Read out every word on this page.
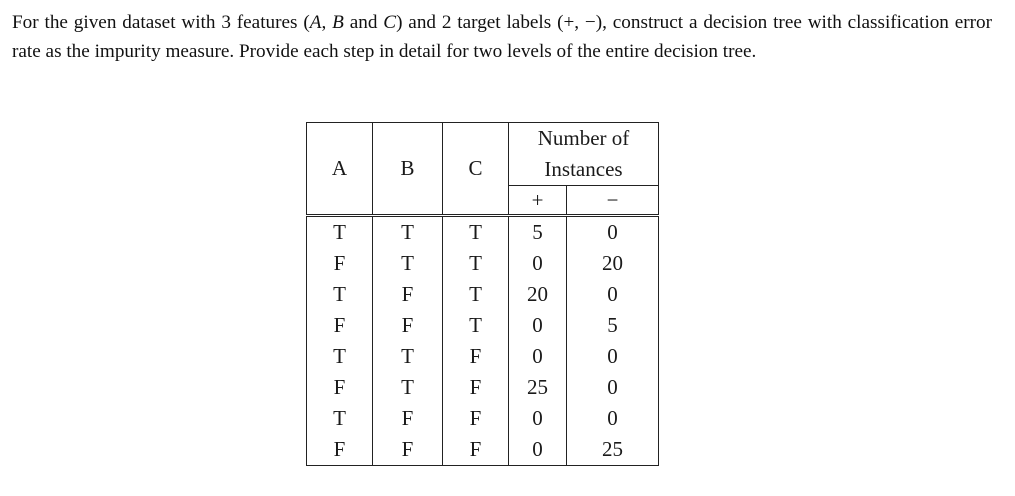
For the given dataset with 3 features (A, B and C) and 2 target labels (+, −), construct a decision tree with classification error rate as the impurity measure. Provide each step in detail for two levels of the entire decision tree.

A	B	C	Number of	
			Instances	
			+	−
T	T	T	5	0
F	T	T	0	20
T	F	T	20	0
F	F	T	0	5
T	T	F	0	0
F	T	F	25	0
T	F	F	0	0
F	F	F	0	25
